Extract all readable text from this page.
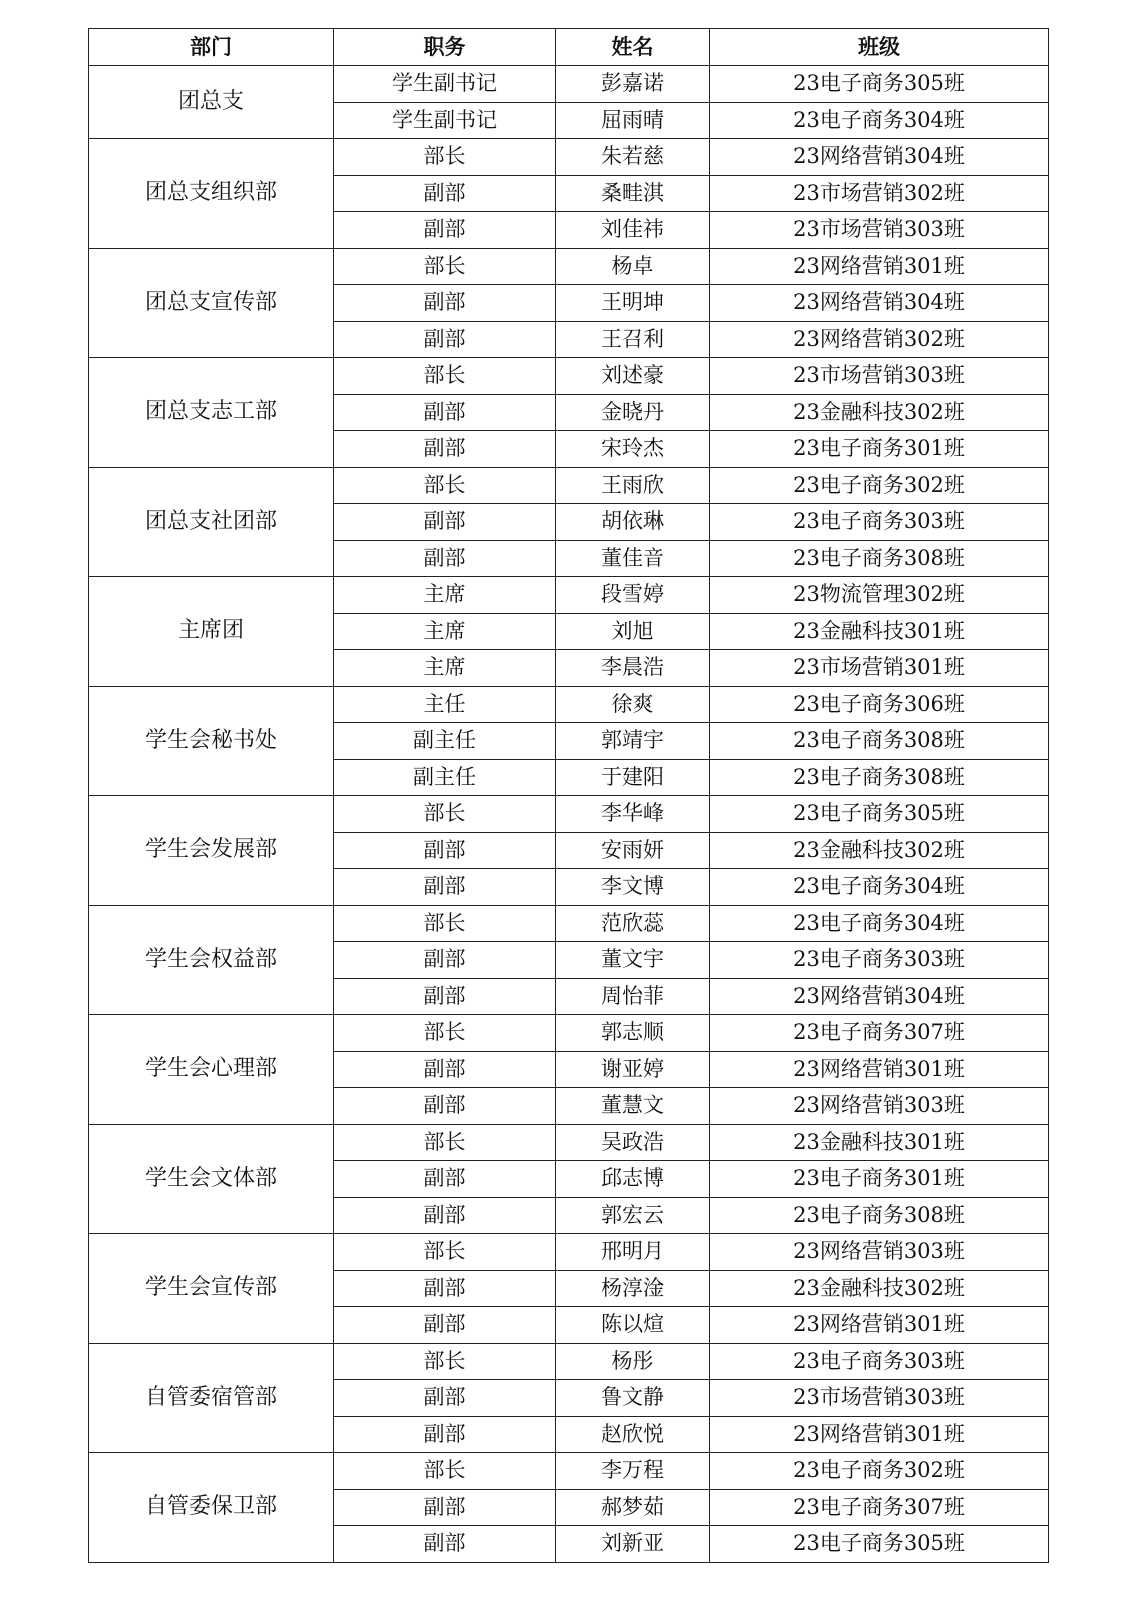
部门	职务	姓名	班级
团总支	学生副书记	彭嘉诺	23电子商务305班
	学生副书记	屈雨晴	23电子商务304班
团总支组织部	部长	朱若慈	23网络营销304班
	副部	桑畦淇	23市场营销302班
	副部	刘佳祎	23市场营销303班
团总支宣传部	部长	杨卓	23网络营销301班
	副部	王明坤	23网络营销304班
	副部	王召利	23网络营销302班
团总支志工部	部长	刘述豪	23市场营销303班
	副部	金晓丹	23金融科技302班
	副部	宋玲杰	23电子商务301班
团总支社团部	部长	王雨欣	23电子商务302班
	副部	胡依琳	23电子商务303班
	副部	董佳音	23电子商务308班
主席团	主席	段雪婷	23物流管理302班
	主席	刘旭	23金融科技301班
	主席	李晨浩	23市场营销301班
学生会秘书处	主任	徐爽	23电子商务306班
	副主任	郭靖宇	23电子商务308班
	副主任	于建阳	23电子商务308班
学生会发展部	部长	李华峰	23电子商务305班
	副部	安雨妍	23金融科技302班
	副部	李文博	23电子商务304班
学生会权益部	部长	范欣蕊	23电子商务304班
	副部	董文宇	23电子商务303班
	副部	周怡菲	23网络营销304班
学生会心理部	部长	郭志顺	23电子商务307班
	副部	谢亚婷	23网络营销301班
	副部	董慧文	23网络营销303班
学生会文体部	部长	吴政浩	23金融科技301班
	副部	邱志博	23电子商务301班
	副部	郭宏云	23电子商务308班
学生会宣传部	部长	邢明月	23网络营销303班
	副部	杨淳淦	23金融科技302班
	副部	陈以煊	23网络营销301班
自管委宿管部	部长	杨彤	23电子商务303班
	副部	鲁文静	23市场营销303班
	副部	赵欣悦	23网络营销301班
自管委保卫部	部长	李万程	23电子商务302班
	副部	郝梦茹	23电子商务307班
	副部	刘新亚	23电子商务305班
